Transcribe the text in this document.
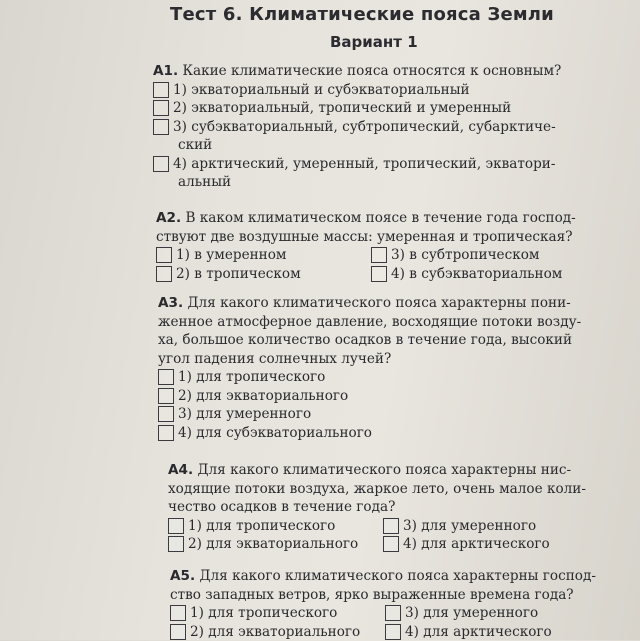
Тест 6. Климатические пояса Земли
Вариант 1
А1. Какие климатические пояса относятся к основным?
1) экваториальный и субэкваториальный
2) экваториальный, тропический и умеренный
3) субэкваториальный, субтропический, субарктиче-
ский
4) арктический, умеренный, тропический, экватори-
альный
А2. В каком климатическом поясе в течение года господ-
ствуют две воздушные массы: умеренная и тропическая?
1) в умеренном	3) в субтропическом
2) в тропическом	4) в субэкваториальном
А3. Для какого климатического пояса характерны пони-
женное атмосферное давление, восходящие потоки возду-
ха, большое количество осадков в течение года, высокий
угол падения солнечных лучей?
1) для тропического
2) для экваториального
3) для умеренного
4) для субэкваториального
А4. Для какого климатического пояса характерны нис-
ходящие потоки воздуха, жаркое лето, очень малое коли-
чество осадков в течение года?
1) для тропического	3) для умеренного
2) для экваториального	4) для арктического
А5. Для какого климатического пояса характерны господ-
ство западных ветров, ярко выраженные времена года?
1) для тропического	3) для умеренного
2) для экваториального	4) для арктического
